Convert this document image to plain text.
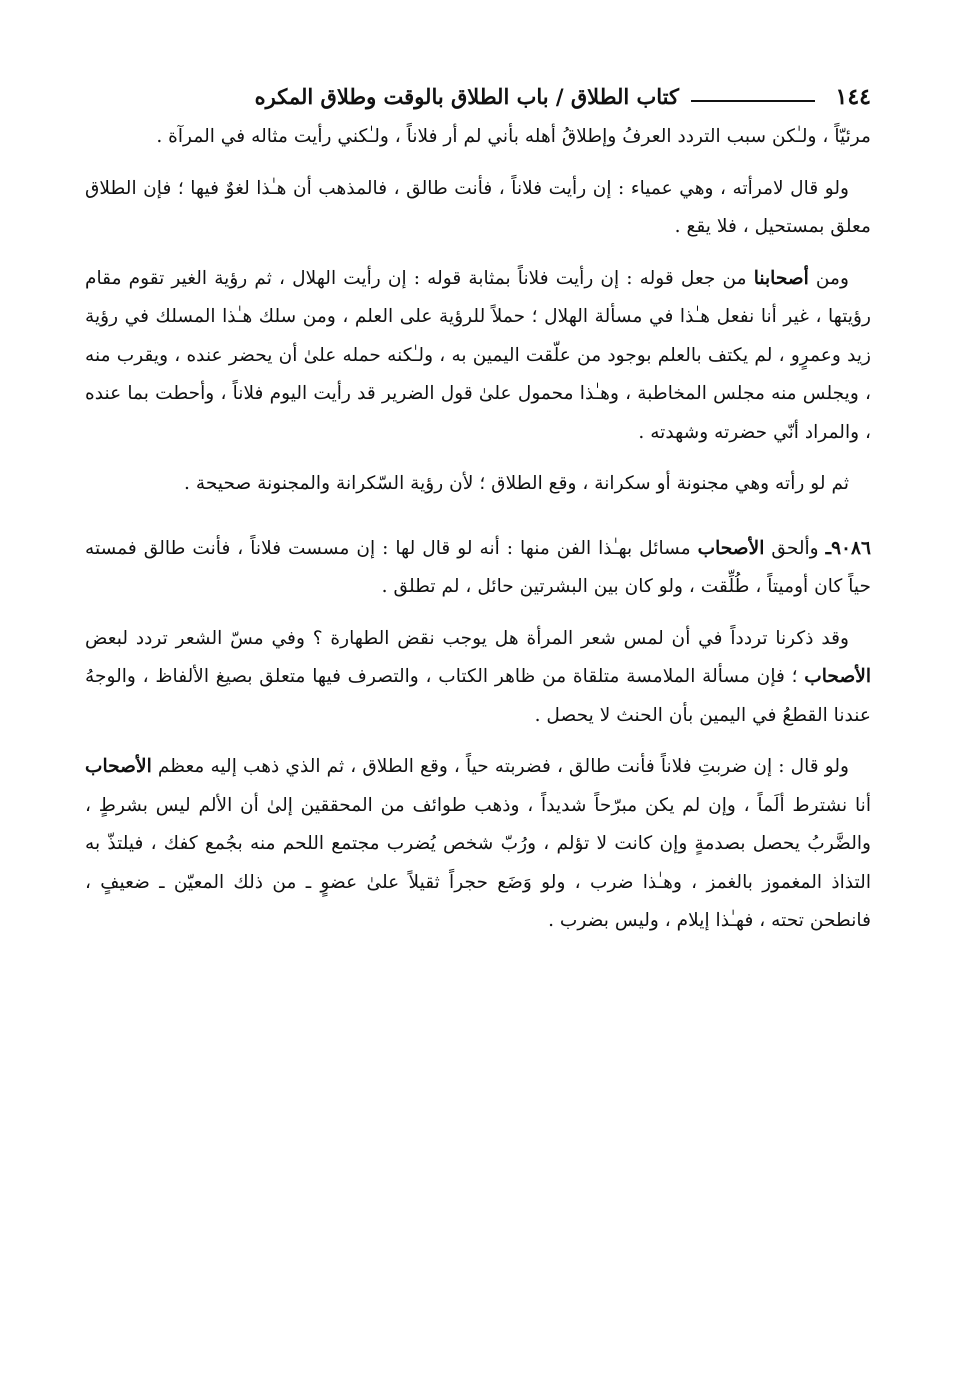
١٤٤
كتاب الطلاق / باب الطلاق بالوقت وطلاق المكره

مرئيّاً ، ولـٰكن سبب التردد العرفُ وإطلاقُ أهله بأني لم أر فلاناً ، ولـٰكني رأيت مثاله في المرآة .

ولو قال لامرأته ، وهي عمياء : إن رأيت فلاناً ، فأنت طالق ، فالمذهب أن هـٰذا لغوٌ فيها ؛ فإن الطلاق معلق بمستحيل ، فلا يقع .

ومن أصحابنا من جعل قوله : إن رأيت فلاناً بمثابة قوله : إن رأيت الهلال ، ثم رؤية الغير تقوم مقام رؤيتها ، غير أنا نفعل هـٰذا في مسألة الهلال ؛ حملاً للرؤية على العلم ، ومن سلك هـٰذا المسلك في رؤية زيد وعمرٍو ، لم يكتف بالعلم بوجود من علّقت اليمين به ، ولـٰكنه حمله علىٰ أن يحضر عنده ، ويقرب منه ، ويجلس منه مجلس المخاطبة ، وهـٰذا محمول علىٰ قول الضرير قد رأيت اليوم فلاناً ، وأحطت بما عنده ، والمراد أنّي حضرته وشهدته .

ثم لو رأته وهي مجنونة أو سكرانة ، وقع الطلاق ؛ لأن رؤية السّكرانة والمجنونة صحيحة .

٩٠٨٦ـ وألحق الأصحاب مسائل بهـٰذا الفن منها : أنه لو قال لها : إن مسست فلاناً ، فأنت طالق فمسته حياً كان أوميتاً ، طُلِّقت ، ولو كان بين البشرتين حائل ، لم تطلق .

وقد ذكرنا تردداً في أن لمس شعر المرأة هل يوجب نقض الطهارة ؟ وفي مسّ الشعر تردد لبعض الأصحاب ؛ فإن مسألة الملامسة متلقاة من ظاهر الكتاب ، والتصرف فيها متعلق بصيغ الألفاظ ، والوجهُ عندنا القطعُ في اليمين بأن الحنث لا يحصل .

ولو قال : إن ضربتِ فلاناً فأنت طالق ، فضربته حياً ، وقع الطلاق ، ثم الذي ذهب إليه معظم الأصحاب أنا نشترط ألَماً ، وإن لم يكن مبرّحاً شديداً ، وذهب طوائف من المحققين إلىٰ أن الألم ليس بشرطٍ ، والضَّربُ يحصل بصدمةٍ وإن كانت لا تؤلم ، ورُبّ شخص يُضرب مجتمع اللحم منه بجُمع كفك ، فيلتذّ به التذاذ المغموز بالغمز ، وهـٰذا ضرب ، ولو وَضَع حجراً ثقيلاً علىٰ عضوٍ ـ من ذلك المعيّن ـ ضعيفٍ ، فانطحن تحته ، فهـٰذا إيلام ، وليس بضرب .
